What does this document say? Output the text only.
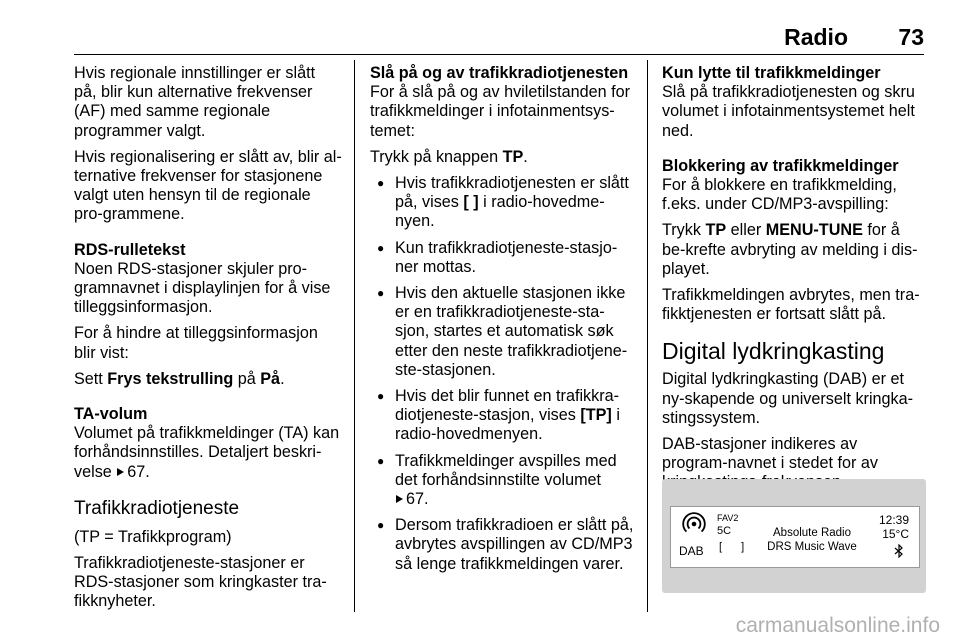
Radio 73

Hvis regionale innstillinger er slått på, blir kun alternative frekvenser (AF) med samme regionale programmer valgt.

Hvis regionalisering er slått av, blir al-ternative frekvenser for stasjonene valgt uten hensyn til de regionale pro-grammene.

RDS-rulletekst

Noen RDS-stasjoner skjuler pro-gramnavnet i displaylinjen for å vise tilleggsinformasjon.

For å hindre at tilleggsinformasjon blir vist:

Sett Frys tekstrulling på På.

TA-volum

Volumet på trafikkmeldinger (TA) kan forhåndsinnstilles. Detaljert beskri-velse 67.

Trafikkradiotjeneste

(TP = Trafikkprogram)

Trafikkradiotjeneste-stasjoner er RDS-stasjoner som kringkaster tra-fikknyheter.

Slå på og av trafikkradiotjenesten

For å slå på og av hviletilstanden for trafikkmeldinger i infotainmentsys-temet:

Trykk på knappen TP.

● Hvis trafikkradiotjenesten er slått på, vises [ ] i radio-hovedme-nyen.
● Kun trafikkradiotjeneste-stasjo-ner mottas.
● Hvis den aktuelle stasjonen ikke er en trafikkradiotjeneste-sta-sjon, startes et automatisk søk etter den neste trafikkradiotjene-ste-stasjonen.
● Hvis det blir funnet en trafikkra-diotjeneste-stasjon, vises [TP] i radio-hovedmenyen.
● Trafikkmeldinger avspilles med det forhåndsinnstilte volumet
67.
● Dersom trafikkradioen er slått på, avbrytes avspillingen av CD/MP3 så lenge trafikkmeldingen varer.
Kun lytte til trafikkmeldinger

Slå på trafikkradiotjenesten og skru volumet i infotainmentsystemet helt ned.

Blokkering av trafikkmeldinger

For å blokkere en trafikkmelding, f.eks. under CD/MP3-avspilling:

Trykk TP eller MENU-TUNE for å be-krefte avbryting av melding i dis-playet.

Trafikkmeldingen avbrytes, men tra-fikktjenesten er fortsatt slått på.

Digital lydkringkasting

Digital lydkringkasting (DAB) er et ny-skapende og universelt kringka-stingssystem.

DAB-stasjoner indikeres av program-navnet i stedet for av

DAB
FAV2
5C
[ ]
Absolute Radio
DRS Music Wave
12:39
15°C
carmanualsonline.info
